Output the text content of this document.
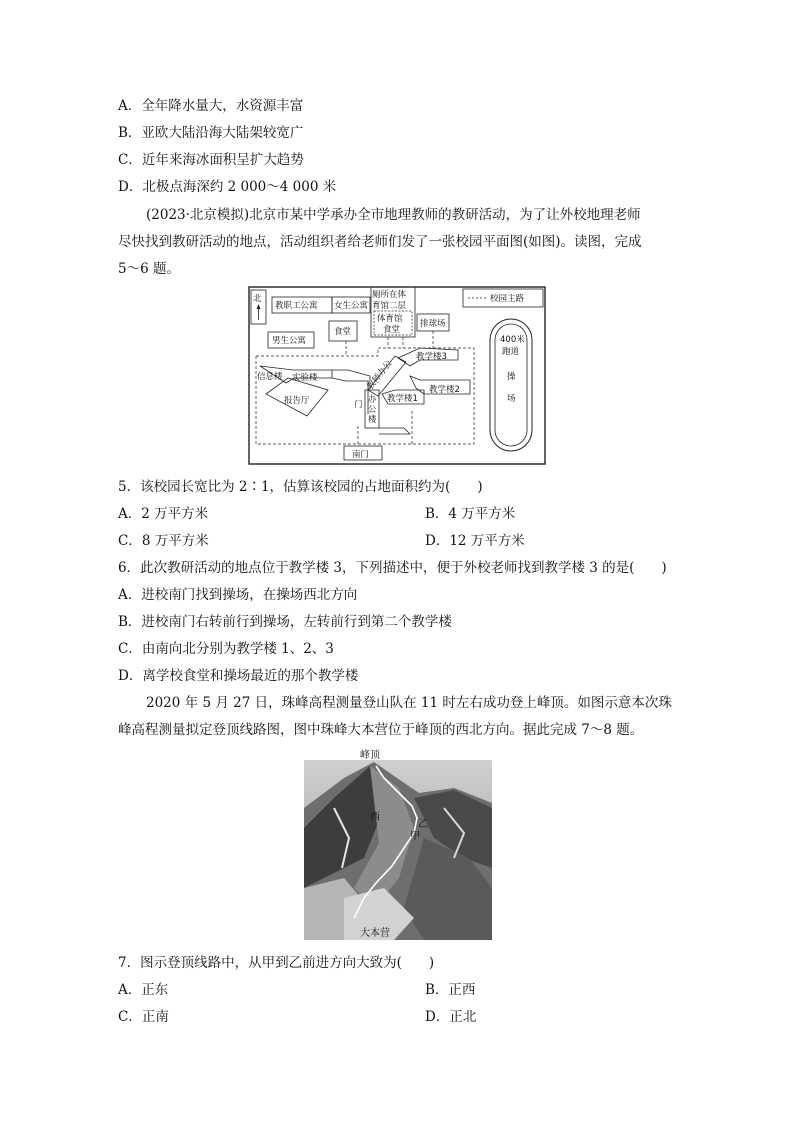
A．全年降水量大，水资源丰富
B．亚欧大陆沿海大陆架较宽广
C．近年来海冰面积呈扩大趋势
D．北极点海深约 2 000～4 000 米
(2023·北京模拟)北京市某中学承办全市地理教师的教研活动，为了让外校地理老师
尽快找到教研活动的地点，活动组织者给老师们发了一张校园平面图(如图)。读图，完成
5～6 题。
北	校园主路
教职工公寓 女生公寓
厕所在体
育馆二层
体育馆
食堂
排球场
食堂
男生公寓	400米
跑道
操
场
信息楼 实验楼
报告厅	门 办
公
楼
教师办公
教学楼3
教学楼2
教学楼1
南门
5．该校园长宽比为 2∶1，估算该校园的占地面积约为(　　)
A．2 万平方米	B．4 万平方米
C．8 万平方米	D．12 万平方米
6．此次教研活动的地点位于教学楼 3，下列描述中，便于外校老师找到教学楼 3 的是(　　)
A．进校南门找到操场，在操场西北方向
B．进校南门右转前行到操场，左转前行到第二个教学楼
C．由南向北分别为教学楼 1、2、3
D．离学校食堂和操场最近的那个教学楼
2020 年 5 月 27 日，珠峰高程测量登山队在 11 时左右成功登上峰顶。如图示意本次珠
峰高程测量拟定登顶线路图，图中珠峰大本营位于峰顶的西北方向。据此完成 7～8 题。
峰顶
西
乙
甲
大本营
7．图示登顶线路中，从甲到乙前进方向大致为(　　)
A．正东	B．正西
C．正南	D．正北
